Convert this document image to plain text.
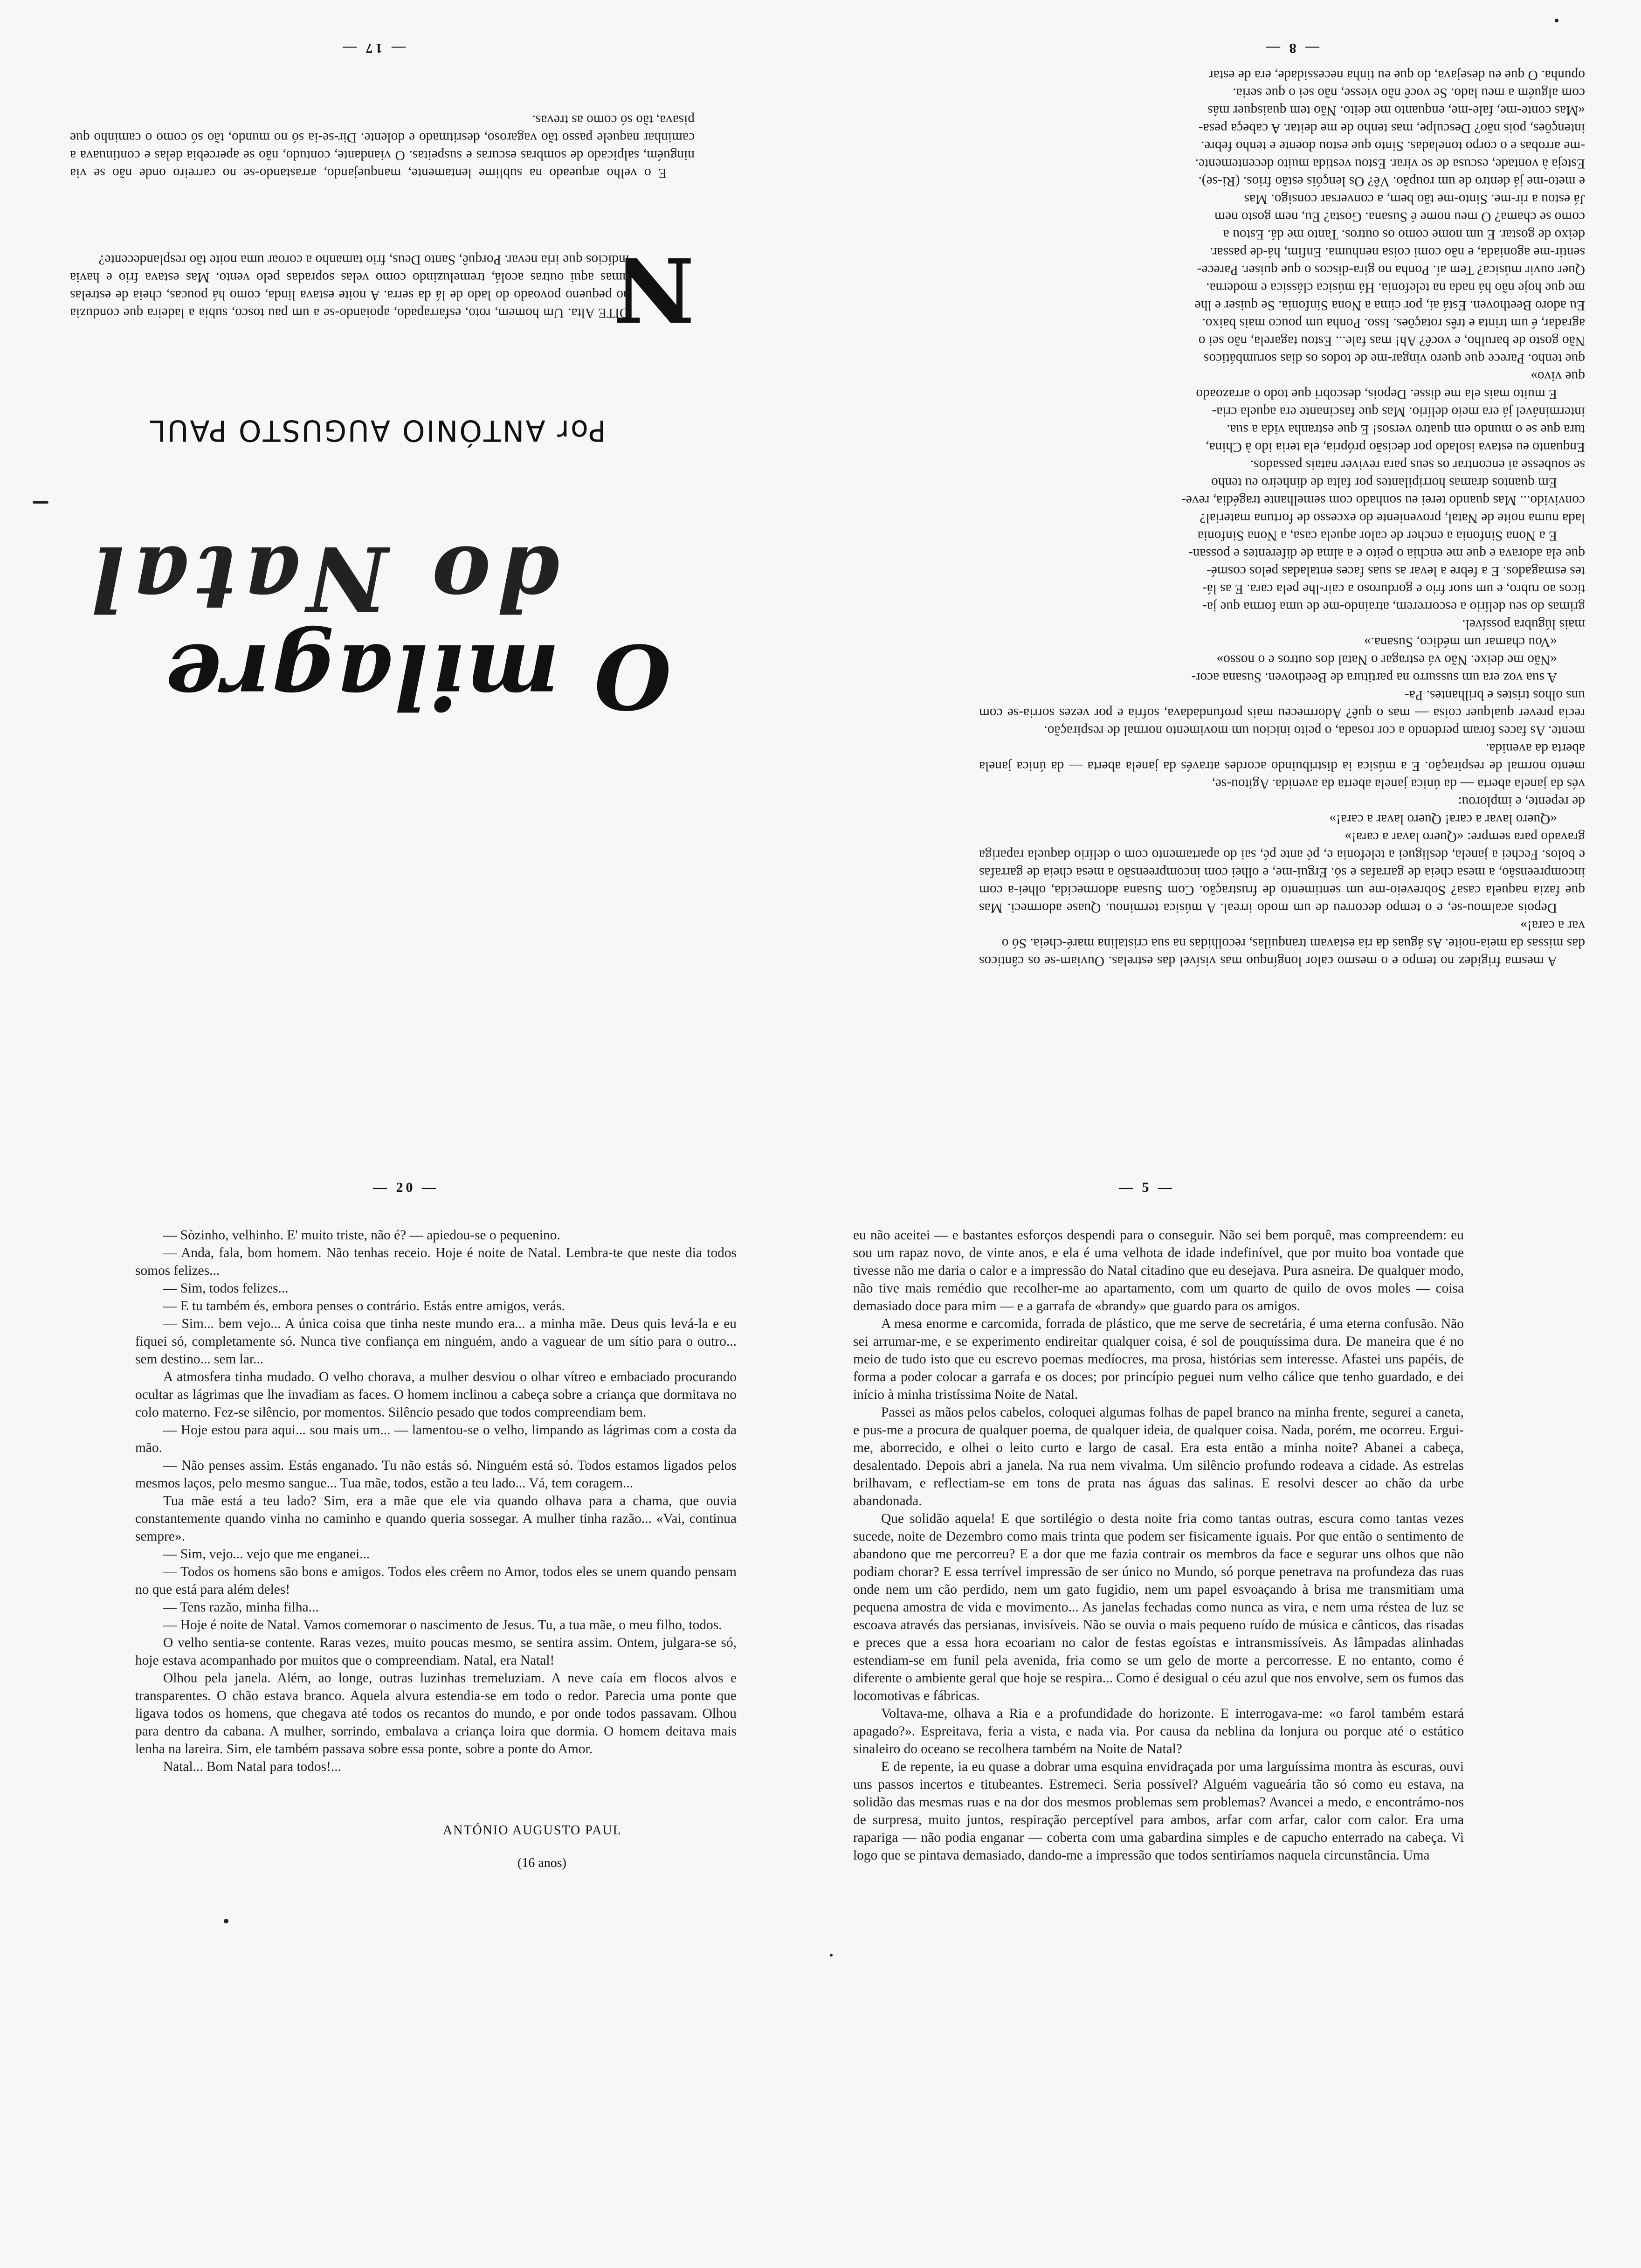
A mesma frigidez no tempo e o mesmo calor longínquo mas visível das estrelas. Ouviam-se os cânticos das missas da meia-noite. As águas da ria estavam tranquilas, recolhidas na sua cristalina maré-cheia. Só o

var a cara!»

Depois acalmou-se, e o tempo decorreu de um modo irreal. A música terminou. Quase adormeci. Mas que fazia naquela casa? Sobreveio-me um sentimento de frustração. Com Susana adormecida, olhei-a com incompreensão, a mesa cheia de garrafas e só. Ergui-me, e olhei com incompreensão a mesa cheia de garrafas e bolos. Fechei a janela, desliguei a telefonia e, pé ante pé, sai do apartamento com o delírio daquela rapariga gravado para sempre: «Quero lavar a cara!»

«Quero lavar a cara! Quero lavar a cara!»

de repente, e implorou:

vés da janela aberta — da única janela aberta da avenida. Agitou-se,

mento normal de respiração. E a música ia distribuindo acordes através da janela aberta — da única janela aberta da avenida.

mente. As faces foram perdendo a cor rosada, o peito iniciou um movimento normal de respiração.

recia prever qualquer coisa — mas o quê? Adormeceu mais profundadava, sofria e por vezes sorria-se com uns olhos tristes e brilhantes. Pa-

A sua voz era um sussurro na partitura de Beethoven. Susana acor-

«Não me deixe. Não vá estragar o Natal dos outros e o nosso»

«Vou chamar um médico, Susana.»

mais lúgubra possível.

grimas do seu delírio a escorrerem, atraindo-me de uma forma que ja-

ticos ao rubro, e um suor frio e gorduroso a cair-lhe pela cara. E as lá-

tes esmagados. E a febre a levar as suas faces entaladas pelos cosmé-

que ela adorava e que me enchia o peito e a alma de diferentes e possan-

E a Nona Sinfonia a encher de calor aquela casa, a Nona Sinfonia

lada numa noite de Natal, proveniente do excesso de fortuna material?

convivido... Mas quando terei eu sonhado com semelhante tragédia, reve-

Em quantos dramas horripilantes por falta de dinheiro eu tenho

se soubesse ai encontrar os seus para reviver natais passados.

Enquanto eu estava isolado por decisão própria, ela teria ido à China,

tura que se o mundo em quatro versos! E que estranha vida a sua.

interminável já era meio delírio. Mas que fascinante era aquela cria-

E muito mais ela me disse. Depois, descobri que todo o arrazoado

que vivo»

que tenho. Parece que quero vingar-me de todos os dias sorumbáticos

Não gosto de barulho, e você? Ah! mas fale... Estou tagarela, não sei o

agradar, é um trinta e três rotações. Isso. Ponha um pouco mais baixo.

Eu adoro Beethoven. Está ai, por cima a Nona Sinfonia. Se quiser e lhe

me que hoje não há nada na telefonia. Há música clássica e moderna.

Quer ouvir música? Tem aí. Ponha no gira-discos o que quiser. Parece-

sentir-me agoniada, e não comi coisa nenhuma. Enfim, há-de passar.

deixo de gostar. E um nome como os outros. Tanto me dá. Estou a

como se chama? O meu nome é Susana. Gosta? Eu, nem gosto nem

Já estou a rir-me. Sinto-me tão bem, a conversar consigo. Mas

e meto-me já dentro de um roupão. Vê? Os lençóis estão frios. (Ri-se).

Esteja à vontade, escusa de se virar. Estou vestida muito decentemente.

-me arrobas e o corpo toneladas. Sinto que estou doente e tenho febre.

intenções, pois não? Desculpe, mas tenho de me deitar. A cabeça pesa-

«Mas conte-me, fale-me, enquanto me deito. Não tem quaisquer más

com alguém a meu lado. Se você não viesse, não sei o que seria.

opunha. O que eu desejava, do que eu tinha necessidade, era de estar

— 8 —
— 17 —
O milagre
do Natal
Por ANTÓNIO AUGUSTO PAUL
N

OITE Alta. Um homem, roto, esfarrapado, apoiando-se a um pau tosco, subia a ladeira que conduzia ao pequeno povoado do lado de lá da serra. A noite estava linda, como há poucas, cheia de estrelas umas aqui outras acolá, tremeluzindo como velas sopradas pelo vento. Mas estava frio e havia indícios que iria nevar. Porquê, Santo Deus, frio tamanho a coroar uma noite tão resplandecente?

E o velho arqueado na sublime lentamente, manquejando, arrastando-se no carreiro onde não se via ninguém, salpicado de sombras escuras e suspeitas. O viandante, contudo, não se apercebia delas e continuava a caminhar naquele passo tão vagaroso, desritmado e dolente. Dir-se-ia só no mundo, tão só como o caminho que pisava, tão só como as trevas.

— 20 —

— Sòzinho, velhinho. E' muito triste, não é? — apiedou-se o pequenino.

— Anda, fala, bom homem. Não tenhas receio. Hoje é noite de Natal. Lembra-te que neste dia todos somos felizes...

— Sim, todos felizes...

— E tu também és, embora penses o contrário. Estás entre amigos, verás.

— Sim... bem vejo... A única coisa que tinha neste mundo era... a minha mãe. Deus quis levá-la e eu fiquei só, completamente só. Nunca tive confiança em ninguém, ando a vaguear de um sítio para o outro... sem destino... sem lar...

A atmosfera tinha mudado. O velho chorava, a mulher desviou o olhar vítreo e embaciado procurando ocultar as lágrimas que lhe invadiam as faces. O homem inclinou a cabeça sobre a criança que dormitava no colo materno. Fez-se silêncio, por momentos. Silêncio pesado que todos compreendiam bem.

— Hoje estou para aqui... sou mais um... — lamentou-se o velho, limpando as lágrimas com a costa da mão.

— Não penses assim. Estás enganado. Tu não estás só. Ninguém está só. Todos estamos ligados pelos mesmos laços, pelo mesmo sangue... Tua mãe, todos, estão a teu lado... Vá, tem coragem...

Tua mãe está a teu lado? Sim, era a mãe que ele via quando olhava para a chama, que ouvia constantemente quando vinha no caminho e quando queria sossegar. A mulher tinha razão... «Vai, continua sempre».

— Sim, vejo... vejo que me enganei...

— Todos os homens são bons e amigos. Todos eles crêem no Amor, todos eles se unem quando pensam no que está para além deles!

— Tens razão, minha filha...

— Hoje é noite de Natal. Vamos comemorar o nascimento de Jesus. Tu, a tua mãe, o meu filho, todos.

O velho sentia-se contente. Raras vezes, muito poucas mesmo, se sentira assim. Ontem, julgara-se só, hoje estava acompanhado por muitos que o compreendiam. Natal, era Natal!

Olhou pela janela. Além, ao longe, outras luzinhas tremeluziam. A neve caía em flocos alvos e transparentes. O chão estava branco. Aquela alvura estendia-se em todo o redor. Parecia uma ponte que ligava todos os homens, que chegava até todos os recantos do mundo, e por onde todos passavam. Olhou para dentro da cabana. A mulher, sorrindo, embalava a criança loira que dormia. O homem deitava mais lenha na lareira. Sim, ele também passava sobre essa ponte, sobre a ponte do Amor.

Natal... Bom Natal para todos!...

ANTÓNIO AUGUSTO PAUL
(16 anos)
— 5 —

eu não aceitei — e bastantes esforços despendi para o conseguir. Não sei bem porquê, mas compreendem: eu sou um rapaz novo, de vinte anos, e ela é uma velhota de idade indefinível, que por muito boa vontade que tivesse não me daria o calor e a impressão do Natal citadino que eu desejava. Pura asneira. De qualquer modo, não tive mais remédio que recolher-me ao apartamento, com um quarto de quilo de ovos moles — coisa demasiado doce para mim — e a garrafa de «brandy» que guardo para os amigos.

A mesa enorme e carcomida, forrada de plástico, que me serve de secretária, é uma eterna confusão. Não sei arrumar-me, e se experimento endireitar qualquer coisa, é sol de pouquíssima dura. De maneira que é no meio de tudo isto que eu escrevo poemas medíocres, ma prosa, histórias sem interesse. Afastei uns papéis, de forma a poder colocar a garrafa e os doces; por princípio peguei num velho cálice que tenho guardado, e dei início à minha tristíssima Noite de Natal.

Passei as mãos pelos cabelos, coloquei algumas folhas de papel branco na minha frente, segurei a caneta, e pus-me a procura de qualquer poema, de qualquer ideia, de qualquer coisa. Nada, porém, me ocorreu. Ergui-me, aborrecido, e olhei o leito curto e largo de casal. Era esta então a minha noite? Abanei a cabeça, desalentado. Depois abri a janela. Na rua nem vivalma. Um silêncio profundo rodeava a cidade. As estrelas brilhavam, e reflectiam-se em tons de prata nas águas das salinas. E resolvi descer ao chão da urbe abandonada.

Que solidão aquela! E que sortilégio o desta noite fria como tantas outras, escura como tantas vezes sucede, noite de Dezembro como mais trinta que podem ser fisicamente iguais. Por que então o sentimento de abandono que me percorreu? E a dor que me fazia contrair os membros da face e segurar uns olhos que não podiam chorar? E essa terrível impressão de ser único no Mundo, só porque penetrava na profundeza das ruas onde nem um cão perdido, nem um gato fugidio, nem um papel esvoaçando à brisa me transmitiam uma pequena amostra de vida e movimento... As janelas fechadas como nunca as vira, e nem uma réstea de luz se escoava através das persianas, invisíveis. Não se ouvia o mais pequeno ruído de música e cânticos, das risadas e preces que a essa hora ecoariam no calor de festas egoístas e intransmissíveis. As lâmpadas alinhadas estendiam-se em funil pela avenida, fria como se um gelo de morte a percorresse. E no entanto, como é diferente o ambiente geral que hoje se respira... Como é desigual o céu azul que nos envolve, sem os fumos das locomotivas e fábricas.

Voltava-me, olhava a Ria e a profundidade do horizonte. E interrogava-me: «o farol também estará apagado?». Espreitava, feria a vista, e nada via. Por causa da neblina da lonjura ou porque até o estático sinaleiro do oceano se recolhera também na Noite de Natal?

E de repente, ia eu quase a dobrar uma esquina envidraçada por uma larguíssima montra às escuras, ouvi uns passos incertos e titubeantes. Estremeci. Seria possível? Alguém vagueária tão só como eu estava, na solidão das mesmas ruas e na dor dos mesmos problemas sem problemas? Avancei a medo, e encontrámo-nos de surpresa, muito juntos, respiração perceptível para ambos, arfar com arfar, calor com calor. Era uma rapariga — não podia enganar — coberta com uma gabardina simples e de capucho enterrado na cabeça. Vi logo que se pintava demasiado, dando-me a impressão que todos sentiríamos naquela circunstância. Uma
